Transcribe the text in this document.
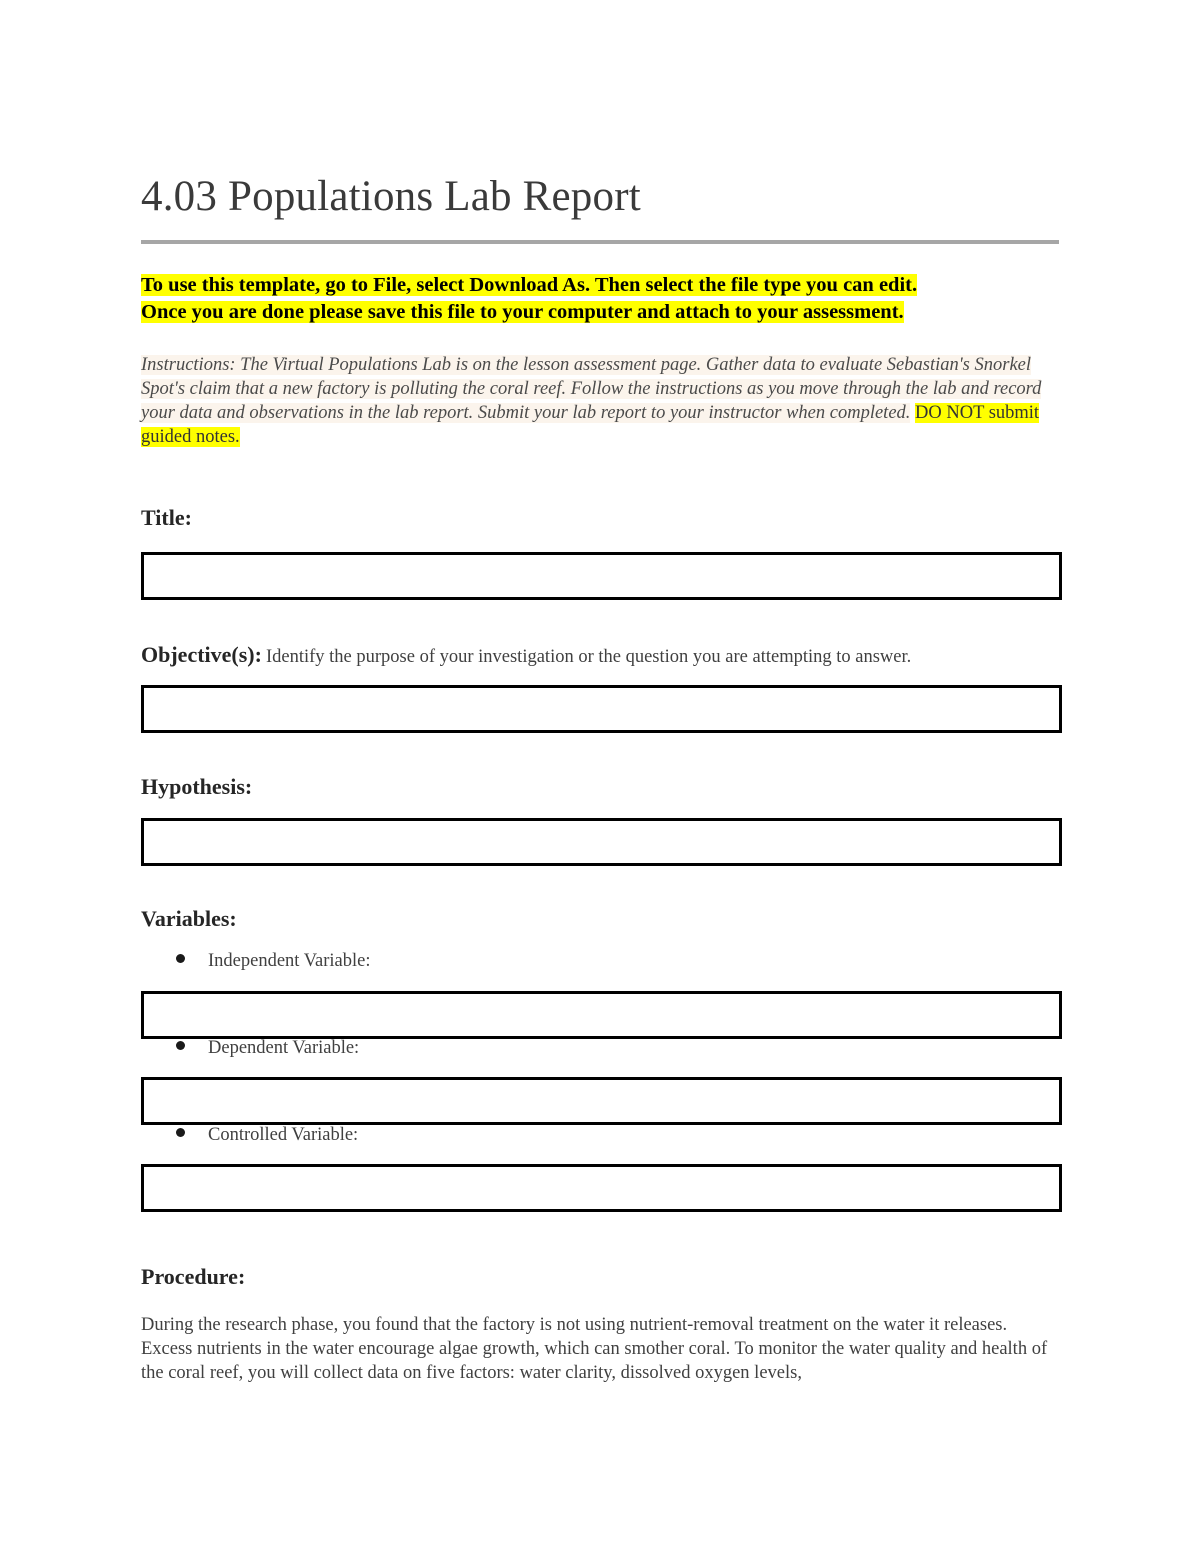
4.03 Populations Lab Report
To use this template, go to File, select Download As. Then select the file type you can edit.
Once you are done please save this file to your computer and attach to your assessment.

Instructions: The Virtual Populations Lab is on the lesson assessment page. Gather data to evaluate Sebastian's Snorkel Spot's claim that a new factory is polluting the coral reef. Follow the instructions as you move through the lab and record your data and observations in the lab report. Submit your lab report to your instructor when completed. DO NOT submit guided notes.

Title:
Objective(s): Identify the purpose of your investigation or the question you are attempting to answer.
Hypothesis:
Variables:
Independent Variable:
Dependent Variable:
Controlled Variable:
Procedure:

During the research phase, you found that the factory is not using nutrient-removal treatment on the water it releases. Excess nutrients in the water encourage algae growth, which can smother coral. To monitor the water quality and health of the coral reef, you will collect data on five factors: water clarity, dissolved oxygen levels,
